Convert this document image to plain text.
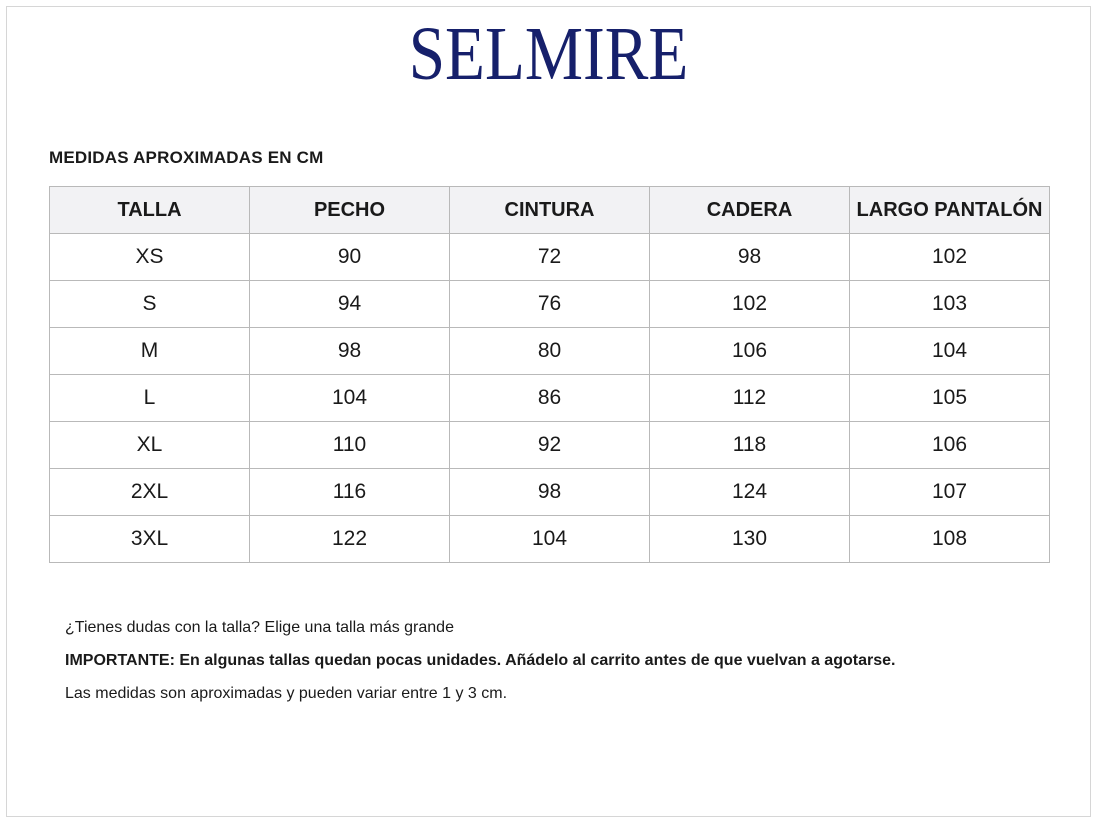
SELMIRE
MEDIDAS APROXIMADAS EN CM
TALLA	PECHO	CINTURA	CADERA	LARGO PANTALÓN
XS	90	72	98	102
S	94	76	102	103
M	98	80	106	104
L	104	86	112	105
XL	110	92	118	106
2XL	116	98	124	107
3XL	122	104	130	108

¿Tienes dudas con la talla? Elige una talla más grande

IMPORTANTE: En algunas tallas quedan pocas unidades. Añádelo al carrito antes de que vuelvan a agotarse.

Las medidas son aproximadas y pueden variar entre 1 y 3 cm.
